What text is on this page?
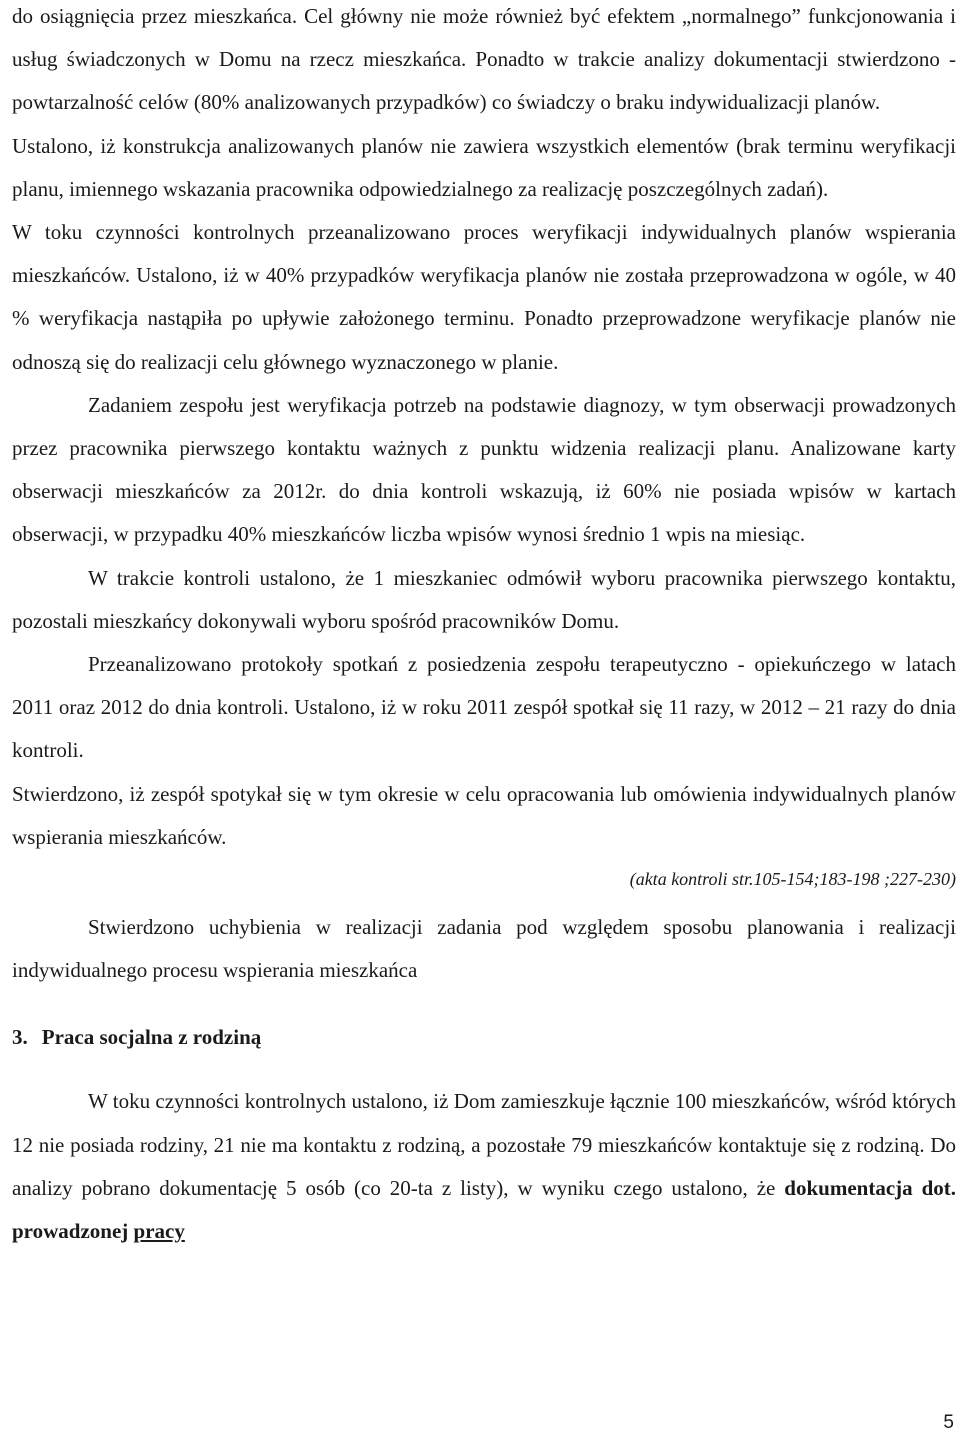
do osiągnięcia przez mieszkańca. Cel główny nie może również być efektem „normalnego” funkcjonowania i usług świadczonych w Domu na rzecz mieszkańca. Ponadto w trakcie analizy dokumentacji stwierdzono - powtarzalność celów (80% analizowanych przypadków) co świadczy o braku indywidualizacji planów.

Ustalono, iż konstrukcja analizowanych planów nie zawiera wszystkich elementów (brak terminu weryfikacji planu, imiennego wskazania pracownika odpowiedzialnego za realizację poszczególnych zadań).

W toku czynności kontrolnych przeanalizowano proces weryfikacji indywidualnych planów wspierania mieszkańców. Ustalono, iż w 40% przypadków weryfikacja planów nie została przeprowadzona w ogóle, w 40 % weryfikacja nastąpiła po upływie założonego terminu. Ponadto przeprowadzone weryfikacje planów nie odnoszą się do realizacji celu głównego wyznaczonego w planie.

Zadaniem zespołu jest weryfikacja potrzeb na podstawie diagnozy, w tym obserwacji prowadzonych przez pracownika pierwszego kontaktu ważnych z punktu widzenia realizacji planu. Analizowane karty obserwacji mieszkańców za 2012r. do dnia kontroli wskazują, iż 60% nie posiada wpisów w kartach obserwacji, w przypadku 40% mieszkańców liczba wpisów wynosi średnio 1 wpis na miesiąc.

W trakcie kontroli ustalono, że 1 mieszkaniec odmówił wyboru pracownika pierwszego kontaktu, pozostali mieszkańcy dokonywali wyboru spośród pracowników Domu.

Przeanalizowano protokoły spotkań z posiedzenia zespołu terapeutyczno - opiekuńczego w latach 2011 oraz 2012 do dnia kontroli. Ustalono, iż w roku 2011 zespół spotkał się 11 razy, w 2012 – 21 razy do dnia kontroli.

Stwierdzono, iż zespół spotykał się w tym okresie w celu opracowania lub omówienia indywidualnych planów wspierania mieszkańców.

(akta kontroli str.105-154;183-198 ;227-230)

Stwierdzono uchybienia w realizacji zadania pod względem sposobu planowania i realizacji indywidualnego procesu wspierania mieszkańca

3. Praca socjalna z rodziną

W toku czynności kontrolnych ustalono, iż Dom zamieszkuje łącznie 100 mieszkańców, wśród których 12 nie posiada rodziny, 21 nie ma kontaktu z rodziną, a pozostałe 79 mieszkańców kontaktuje się z rodziną. Do analizy pobrano dokumentację 5 osób (co 20-ta z listy), w wyniku czego ustalono, że dokumentacja dot. prowadzonej pracy

5
